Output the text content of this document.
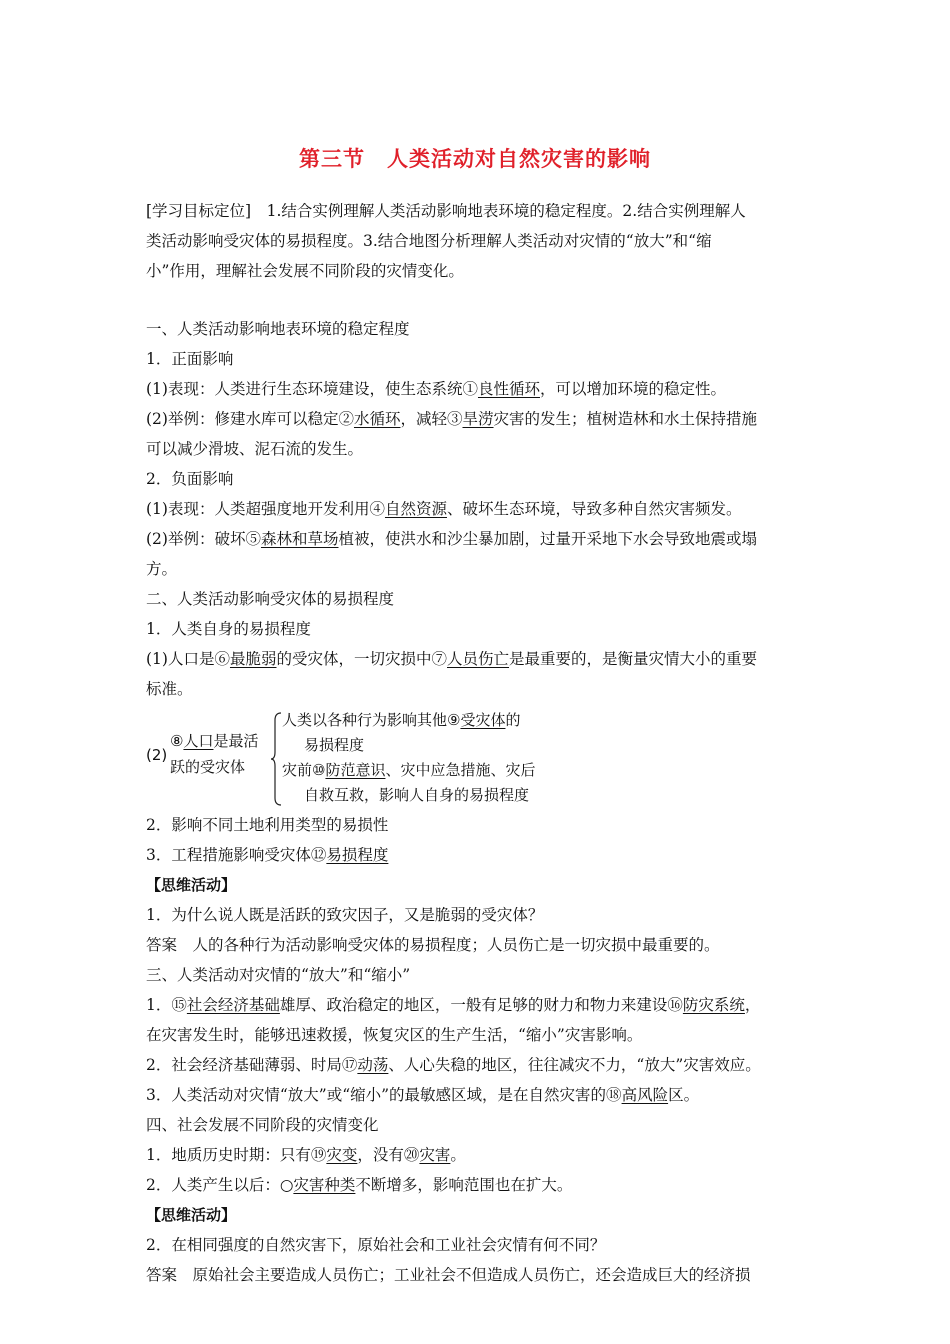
第三节　人类活动对自然灾害的影响

[学习目标定位]　1.结合实例理解人类活动影响地表环境的稳定程度。2.结合实例理解人

类活动影响受灾体的易损程度。3.结合地图分析理解人类活动对灾情的“放大”和“缩

小”作用，理解社会发展不同阶段的灾情变化。

一、人类活动影响地表环境的稳定程度

1．正面影响

(1)表现：人类进行生态环境建设，使生态系统①良性循环，可以增加环境的稳定性。

(2)举例：修建水库可以稳定②水循环，减轻③旱涝灾害的发生；植树造林和水土保持措施

可以减少滑坡、泥石流的发生。

2．负面影响

(1)表现：人类超强度地开发利用④自然资源、破坏生态环境，导致多种自然灾害频发。

(2)举例：破坏⑤森林和草场植被，使洪水和沙尘暴加剧，过量开采地下水会导致地震或塌

方。

二、人类活动影响受灾体的易损程度

1．人类自身的易损程度

(1)人口是⑥最脆弱的受灾体，一切灾损中⑦人员伤亡是最重要的，是衡量灾情大小的重要

标准。

(2)
⑧人口是最活
跃的受灾体
人类以各种行为影响其他⑨受灾体的
易损程度
灾前⑩防范意识、灾中应急措施、灾后
自救互救，影响人自身的易损程度

2．影响不同土地利用类型的易损性

3．工程措施影响受灾体⑫易损程度

【思维活动】

1．为什么说人既是活跃的致灾因子，又是脆弱的受灾体？

答案　人的各种行为活动影响受灾体的易损程度；人员伤亡是一切灾损中最重要的。

三、人类活动对灾情的“放大”和“缩小”

1．⑮社会经济基础雄厚、政治稳定的地区，一般有足够的财力和物力来建设⑯防灾系统，

在灾害发生时，能够迅速救援，恢复灾区的生产生活，“缩小”灾害影响。

2．社会经济基础薄弱、时局⑰动荡、人心失稳的地区，往往减灾不力，“放大”灾害效应。

3．人类活动对灾情“放大”或“缩小”的最敏感区域，是在自然灾害的⑱高风险区。

四、社会发展不同阶段的灾情变化

1．地质历史时期：只有⑲灾变，没有⑳灾害。

2．人类产生以后：○灾害种类不断增多，影响范围也在扩大。

【思维活动】

2．在相同强度的自然灾害下，原始社会和工业社会灾情有何不同？

答案　原始社会主要造成人员伤亡；工业社会不但造成人员伤亡，还会造成巨大的经济损
